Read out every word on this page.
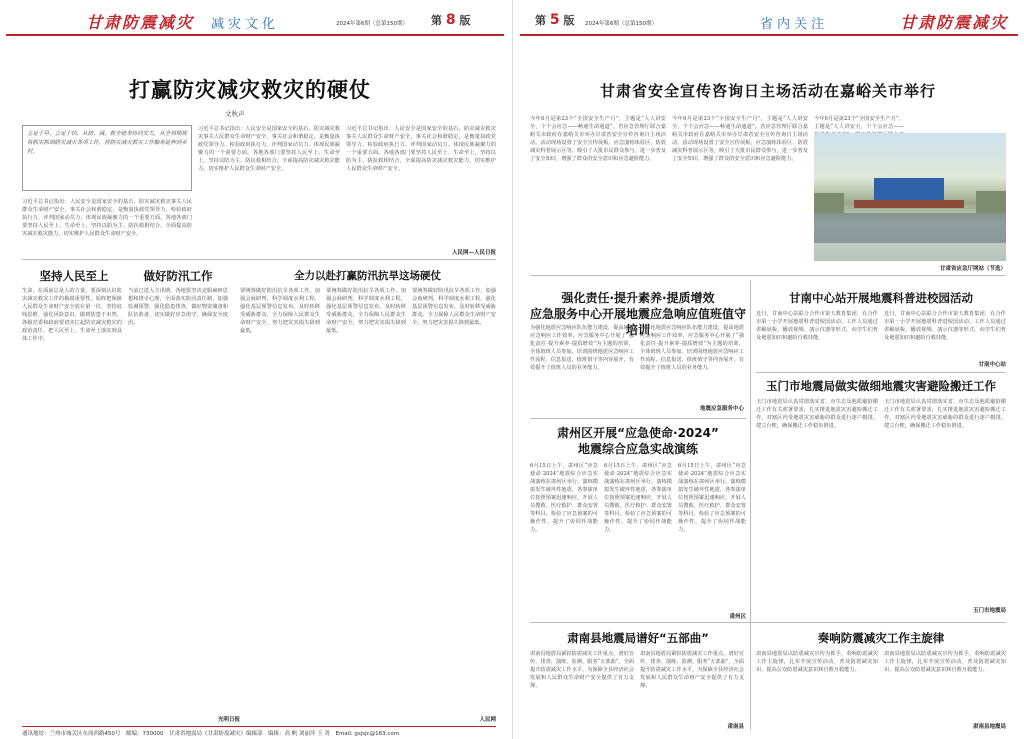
甘肃防震减灾 减灾文化	2024年第6期（总第150期） 第 8 版
打赢防灾减灾救灾的硬仗
文秋声
立足于早、立足于快、从防、减、救全链条协同发力，从全周期视角抓实抓细防灾减灾各项工作，将防灾减灾救灾工作触角延伸到乡村。
习近平总书记指出：人民安全是国家安全的基石。防灾减灾救灾事关人民群众生命财产安全，事关社会和谐稳定，是衡量执政党领导力、检验政府执行力、评判国家动员力、体现民族凝聚力的一个重要方面。各地各部门要坚持人民至上、生命至上，坚持以防为主、防抗救相结合，全面提高防灾减灾救灾能力，切实维护人民群众生命财产安全。
习近平总书记指出：人民安全是国家安全的基石。防灾减灾救灾事关人民群众生命财产安全，事关社会和谐稳定，是衡量执政党领导力、检验政府执行力、评判国家动员力、体现民族凝聚力的一个重要方面。各地各部门要坚持人民至上、生命至上，坚持以防为主、防抗救相结合，全面提高防灾减灾救灾能力，切实维护人民群众生命财产安全。
习近平总书记指出：人民安全是国家安全的基石。防灾减灾救灾事关人民群众生命财产安全，事关社会和谐稳定，是衡量执政党领导力、检验政府执行力、评判国家动员力、体现民族凝聚力的一个重要方面。各地各部门要坚持人民至上、生命至上，坚持以防为主、防抗救相结合，全面提高防灾减灾救灾能力，切实维护人民群众生命财产安全。
人民网—人民日报
坚持人民至上
生命，在面前总是人的力量。要深刻认识防灾减灾救灾工作的极端重要性，始终把保障人民群众生命财产安全放在第一位，坚持底线思维，强化风险意识，做到防患于未然。各级党委和政府要切实扛起防灾减灾救灾的政治责任，把人民至上、生命至上落实到具体工作中。
做好防汛工作
当前已进入主汛期，各地要坚决克服麻痹思想和侥幸心理，全面落实防汛责任制，加强监测预警，强化隐患排查，做好物资储备和队伍准备，切实做好应急值守，确保安全度汛。
光明日报
全力以赴打赢防汛抗旱这场硬仗
要统筹做好防汛抗旱各项工作，加强会商研判，科学调度水利工程，强化基层预警信息发布，及时转移受威胁群众，全力保障人民群众生命财产安全，努力把灾害损失降到最低。
要统筹做好防汛抗旱各项工作，加强会商研判，科学调度水利工程，强化基层预警信息发布，及时转移受威胁群众，全力保障人民群众生命财产安全，努力把灾害损失降到最低。
要统筹做好防汛抗旱各项工作，加强会商研判，科学调度水利工程，强化基层预警信息发布，及时转移受威胁群众，全力保障人民群众生命财产安全，努力把灾害损失降到最低。
人民网
通讯地址：兰州市城关区东岗西路450号　邮编：730000　甘肃省地震局《甘肃防震减灾》编辑部　编辑：高 帆 刘丽萍 王 菁　Email: gsjsjc@163.com
第 5 版 2024年第6期（总第150期）	省内关注	甘肃防震减灾
甘肃省安全宣传咨询日主场活动在嘉峪关市举行
今年6月是第23个“全国安全生产月”，主题是“人人讲安全，个个会应急——畅通生命通道”。省应急管理厅联合嘉峪关市政府在嘉峪关市举办甘肃省安全宣传咨询日主场活动。活动现场设置了安全宣传展板、应急演练体验区、防震减灾科普展示区等，吸引了大批市民群众参与，进一步普及了安全知识，增强了群众的安全意识和应急避险能力。
今年6月是第23个“全国安全生产月”，主题是“人人讲安全，个个会应急——畅通生命通道”。省应急管理厅联合嘉峪关市政府在嘉峪关市举办甘肃省安全宣传咨询日主场活动。活动现场设置了安全宣传展板、应急演练体验区、防震减灾科普展示区等，吸引了大批市民群众参与，进一步普及了安全知识，增强了群众的安全意识和应急避险能力。
今年6月是第23个“全国安全生产月”，主题是“人人讲安全，个个会应急——
甘肃省应急厅网站（节选）
强化责任·提升素养·提质增效
应急服务中心开展地震应急响应值班值守培训
为强化地震应急响应队伍能力建设，提高地震应急响应工作效率，应急服务中心开展了“强化责任·提升素养·提质增效”为主题的培训，全体值班人员参加。培训围绕地震应急响应工作流程、信息报送、值班值守等内容展开，有效提升了值班人员的业务能力。
为强化地震应急响应队伍能力建设，提高地震应急响应工作效率，应急服务中心开展了“强化责任·提升素养·提质增效”为主题的培训，全体值班人员参加。培训围绕地震应急响应工作流程、信息报送、值班值守等内容展开，有效提升了值班人员的业务能力。
地震应急服务中心
甘南中心站开展地震科普进校园活动
近日，甘南中心站联合合作市第五教育集团，在合作市第一小学开展地震科普进校园活动。工作人员通过讲解展板、播放视频、演示仪器等形式，向学生们普及地震知识和避险自救技能。
近日，甘南中心站联合合作市第五教育集团，在合作市第一小学开展地震科普进校园活动。工作人员通过讲解展板、播放视频、演示仪器等形式，向学生们普及地震知识和避险自救技能。
甘南中心站
肃州区开展“应急使命·2024”
地震综合应急实战演练
6月15日上午，肃州区“应急使命·2024”地震综合应急实战演练在肃州区举行。演练模拟发生破坏性地震，各参演单位按照预案迅速响应，开展人员搜救、医疗救护、群众安置等科目，检验了应急预案的可操作性，提升了协同作战能力。
6月15日上午，肃州区“应急使命·2024”地震综合应急实战演练在肃州区举行。演练模拟发生破坏性地震，各参演单位按照预案迅速响应，开展人员搜救、医疗救护、群众安置等科目，检验了应急预案的可操作性，提升了协同作战能力。
6月15日上午，肃州区“应急使命·2024”地震综合应急实战演练在肃州区举行。演练模拟发生破坏性地震，各参演单位按照预案迅速响应，开展人员搜救、医疗救护、群众安置等科目，检验了应急预案的可操作性，提升了协同作战能力。
肃州区
玉门市地震局做实做细地震灾害避险搬迁工作
玉门市地震局认真贯彻落实省、市生态及地质避险搬迁工作有关部署要求，扎实推进地震灾害避险搬迁工作，对辖区内受地震灾害威胁的群众进行逐户摸排，建立台账，确保搬迁工作稳步推进。
玉门市地震局认真贯彻落实省、市生态及地质避险搬迁工作有关部署要求，扎实推进地震灾害避险搬迁工作，对辖区内受地震灾害威胁的群众进行逐户摸排，建立台账，确保搬迁工作稳步推进。
玉门市地震局
肃南县地震局谱好“五部曲”
肃南县地震局紧扣防震减灾工作重点，谱好宣传、排查、演练、监测、服务“五部曲”，全面提升防震减灾工作水平，为保障全县经济社会发展和人民群众生命财产安全提供了有力支撑。
肃南县地震局紧扣防震减灾工作重点，谱好宣传、排查、演练、监测、服务“五部曲”，全面提升防震减灾工作水平，为保障全县经济社会发展和人民群众生命财产安全提供了有力支撑。
肃南县
奏响防震减灾工作主旋律
肃南县地震局以防震减灾宣传为抓手，奏响防震减灾工作主旋律，扎实开展宣传活动，普及防震减灾知识，提高公众防震减灾意识和自救互救能力。
肃南县地震局以防震减灾宣传为抓手，奏响防震减灾工作主旋律，扎实开展宣传活动，普及防震减灾知识，提高公众防震减灾意识和自救互救能力。
肃南县地震局
